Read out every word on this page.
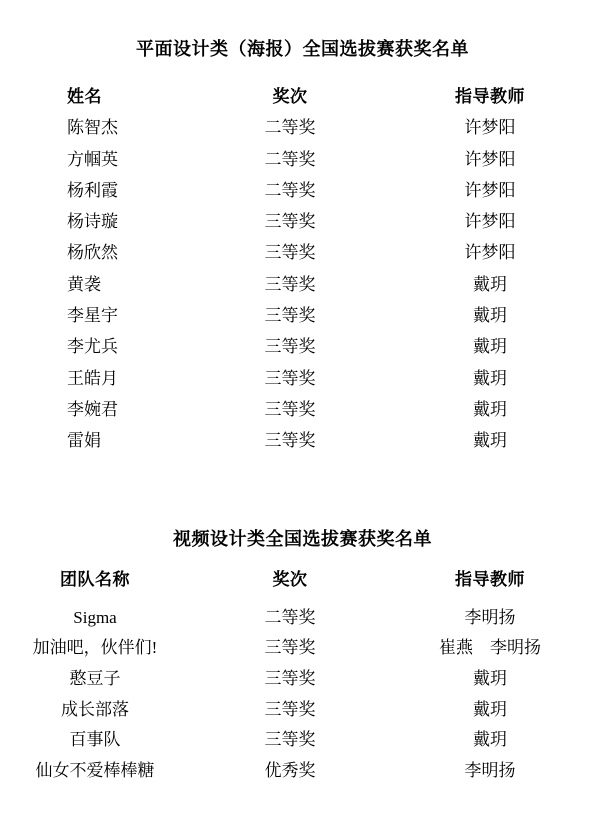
平面设计类（海报）全国选拔赛获奖名单
姓名	奖次	指导教师
陈智杰	二等奖	许梦阳
方帼英	二等奖	许梦阳
杨利霞	二等奖	许梦阳
杨诗璇	三等奖	许梦阳
杨欣然	三等奖	许梦阳
黄袭	三等奖	戴玥
李星宇	三等奖	戴玥
李尤兵	三等奖	戴玥
王皓月	三等奖	戴玥
李婉君	三等奖	戴玥
雷娟	三等奖	戴玥
视频设计类全国选拔赛获奖名单
团队名称	奖次	指导教师
Sigma	二等奖	李明扬
加油吧，伙伴们!	三等奖	崔燕　李明扬
憨豆子	三等奖	戴玥
成长部落	三等奖	戴玥
百事队	三等奖	戴玥
仙女不爱棒棒糖	优秀奖	李明扬
